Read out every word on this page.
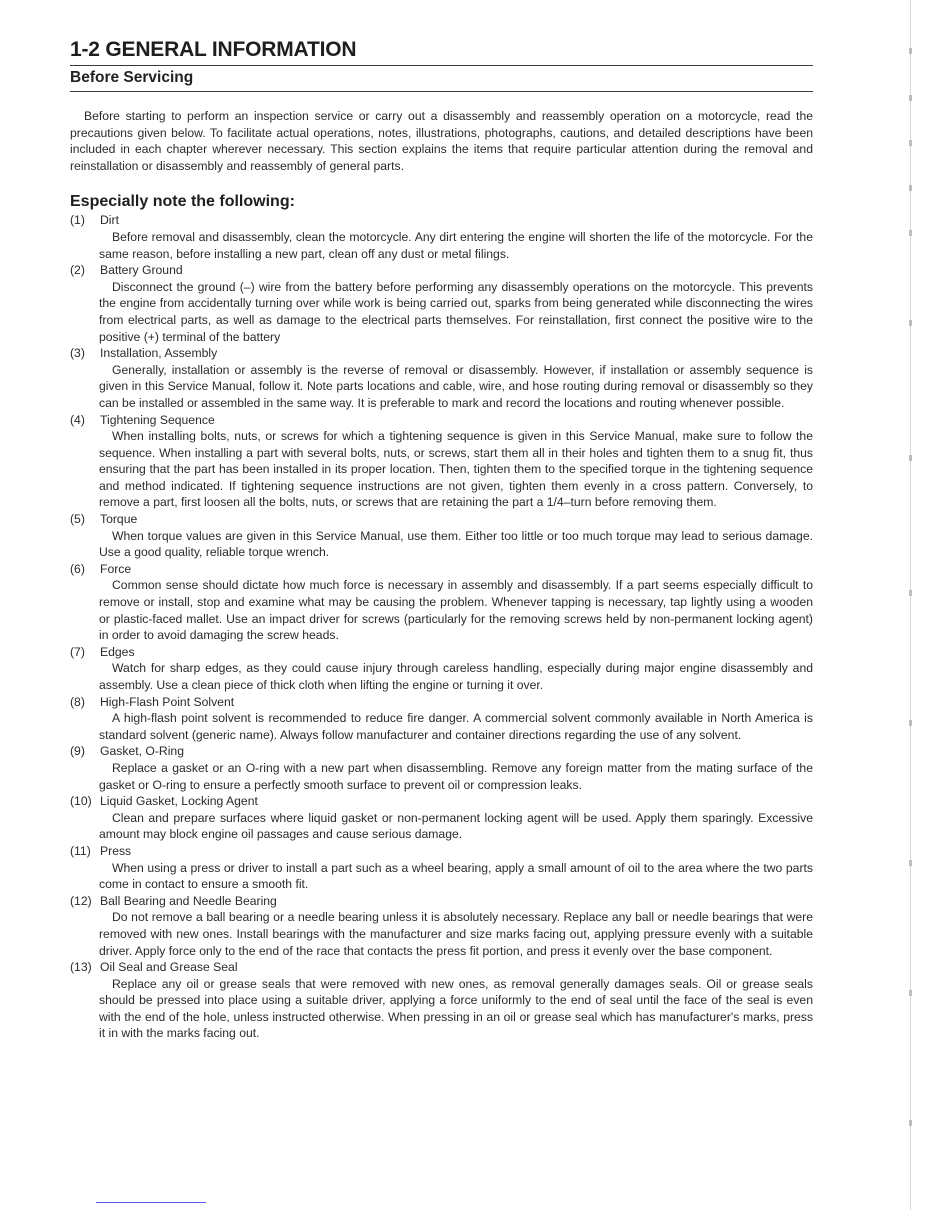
1-2 GENERAL INFORMATION
Before Servicing

Before starting to perform an inspection service or carry out a disassembly and reassembly operation on a motorcycle, read the precautions given below. To facilitate actual operations, notes, illustrations, photographs, cautions, and detailed descriptions have been included in each chapter wherever necessary. This section explains the items that require particular attention during the removal and reinstallation or disassembly and reassembly of general parts.

Especially note the following:
(1)	Dirt

Before removal and disassembly, clean the motorcycle. Any dirt entering the engine will shorten the life of the motorcycle. For the same reason, before installing a new part, clean off any dust or metal filings.

(2)	Battery Ground

Disconnect the ground (–) wire from the battery before performing any disassembly operations on the motorcycle. This prevents the engine from accidentally turning over while work is being carried out, sparks from being generated while disconnecting the wires from electrical parts, as well as damage to the electrical parts themselves. For reinstallation, first connect the positive wire to the positive (+) terminal of the battery

(3)	Installation, Assembly

Generally, installation or assembly is the reverse of removal or disassembly. However, if installation or assembly sequence is given in this Service Manual, follow it. Note parts locations and cable, wire, and hose routing during removal or disassembly so they can be installed or assembled in the same way. It is preferable to mark and record the locations and routing whenever possible.

(4)	Tightening Sequence

When installing bolts, nuts, or screws for which a tightening sequence is given in this Service Manual, make sure to follow the sequence. When installing a part with several bolts, nuts, or screws, start them all in their holes and tighten them to a snug fit, thus ensuring that the part has been installed in its proper location. Then, tighten them to the specified torque in the tightening sequence and method indicated. If tightening sequence instructions are not given, tighten them evenly in a cross pattern. Conversely, to remove a part, first loosen all the bolts, nuts, or screws that are retaining the part a 1/4–turn before removing them.

(5)	Torque

When torque values are given in this Service Manual, use them. Either too little or too much torque may lead to serious damage. Use a good quality, reliable torque wrench.

(6)	Force

Common sense should dictate how much force is necessary in assembly and disassembly. If a part seems especially difficult to remove or install, stop and examine what may be causing the problem. Whenever tapping is necessary, tap lightly using a wooden or plastic-faced mallet. Use an impact driver for screws (particularly for the removing screws held by non-permanent locking agent) in order to avoid damaging the screw heads.

(7)	Edges

Watch for sharp edges, as they could cause injury through careless handling, especially during major engine disassembly and assembly. Use a clean piece of thick cloth when lifting the engine or turning it over.

(8)	High-Flash Point Solvent

A high-flash point solvent is recommended to reduce fire danger. A commercial solvent commonly available in North America is standard solvent (generic name). Always follow manufacturer and container directions regarding the use of any solvent.

(9)	Gasket, O-Ring

Replace a gasket or an O-ring with a new part when disassembling. Remove any foreign matter from the mating surface of the gasket or O-ring to ensure a perfectly smooth surface to prevent oil or compression leaks.

(10) Liquid Gasket, Locking Agent

Clean and prepare surfaces where liquid gasket or non-permanent locking agent will be used. Apply them sparingly. Excessive amount may block engine oil passages and cause serious damage.

(11) Press

When using a press or driver to install a part such as a wheel bearing, apply a small amount of oil to the area where the two parts come in contact to ensure a smooth fit.

(12) Ball Bearing and Needle Bearing

Do not remove a ball bearing or a needle bearing unless it is absolutely necessary. Replace any ball or needle bearings that were removed with new ones. Install bearings with the manufacturer and size marks facing out, applying pressure evenly with a suitable driver. Apply force only to the end of the race that contacts the press fit portion, and press it evenly over the base component.

(13) Oil Seal and Grease Seal

Replace any oil or grease seals that were removed with new ones, as removal generally damages seals. Oil or grease seals should be pressed into place using a suitable driver, applying a force uniformly to the end of seal until the face of the seal is even with the end of the hole, unless instructed otherwise. When pressing in an oil or grease seal which has manufacturer's marks, press it in with the marks facing out.
